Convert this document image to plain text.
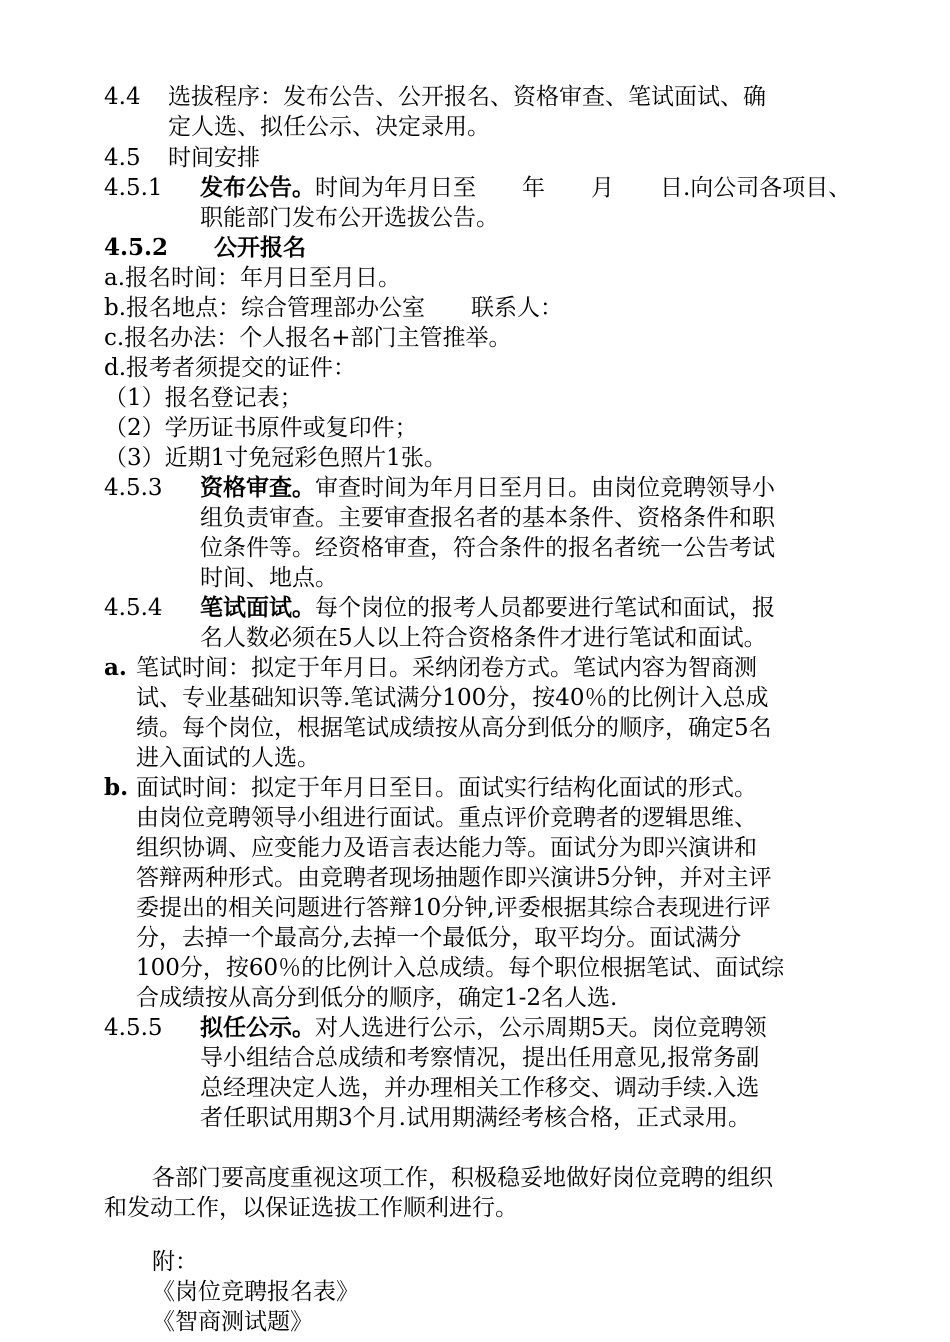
4.4 选拔程序：发布公告、公开报名、资格审查、笔试面试、确
定人选、拟任公示、决定录用。
4.5 时间安排
4.5.1 发布公告。时间为年月日至　　年　　月　　日.向公司各项目、
职能部门发布公开选拔公告。
4.5.2　　公开报名
a.报名时间：年月日至月日。
b.报名地点：综合管理部办公室　　联系人：
c.报名办法：个人报名+部门主管推举。
d.报考者须提交的证件：
（1）报名登记表；
（2）学历证书原件或复印件；
（3）近期1寸免冠彩色照片1张。
4.5.3 资格审查。审查时间为年月日至月日。由岗位竞聘领导小
组负责审查。主要审查报名者的基本条件、资格条件和职
位条件等。经资格审查，符合条件的报名者统一公告考试
时间、地点。
4.5.4 笔试面试。每个岗位的报考人员都要进行笔试和面试，报
名人数必须在5人以上符合资格条件才进行笔试和面试。
a. 笔试时间：拟定于年月日。采纳闭卷方式。笔试内容为智商测
试、专业基础知识等.笔试满分100分，按40％的比例计入总成
绩。每个岗位，根据笔试成绩按从高分到低分的顺序，确定5名
进入面试的人选。
b. 面试时间：拟定于年月日至日。面试实行结构化面试的形式。
由岗位竞聘领导小组进行面试。重点评价竞聘者的逻辑思维、
组织协调、应变能力及语言表达能力等。面试分为即兴演讲和
答辩两种形式。由竞聘者现场抽题作即兴演讲5分钟，并对主评
委提出的相关问题进行答辩10分钟,评委根据其综合表现进行评
分，去掉一个最高分,去掉一个最低分，取平均分。面试满分
100分，按60％的比例计入总成绩。每个职位根据笔试、面试综
合成绩按从高分到低分的顺序，确定1-2名人选.
4.5.5 拟任公示。对人选进行公示，公示周期5天。岗位竞聘领
导小组结合总成绩和考察情况，提出任用意见,报常务副
总经理决定人选，并办理相关工作移交、调动手续.入选
者任职试用期3个月.试用期满经考核合格，正式录用。
各部门要高度重视这项工作，积极稳妥地做好岗位竞聘的组织
和发动工作，以保证选拔工作顺利进行。
附：
《岗位竞聘报名表》
《智商测试题》
